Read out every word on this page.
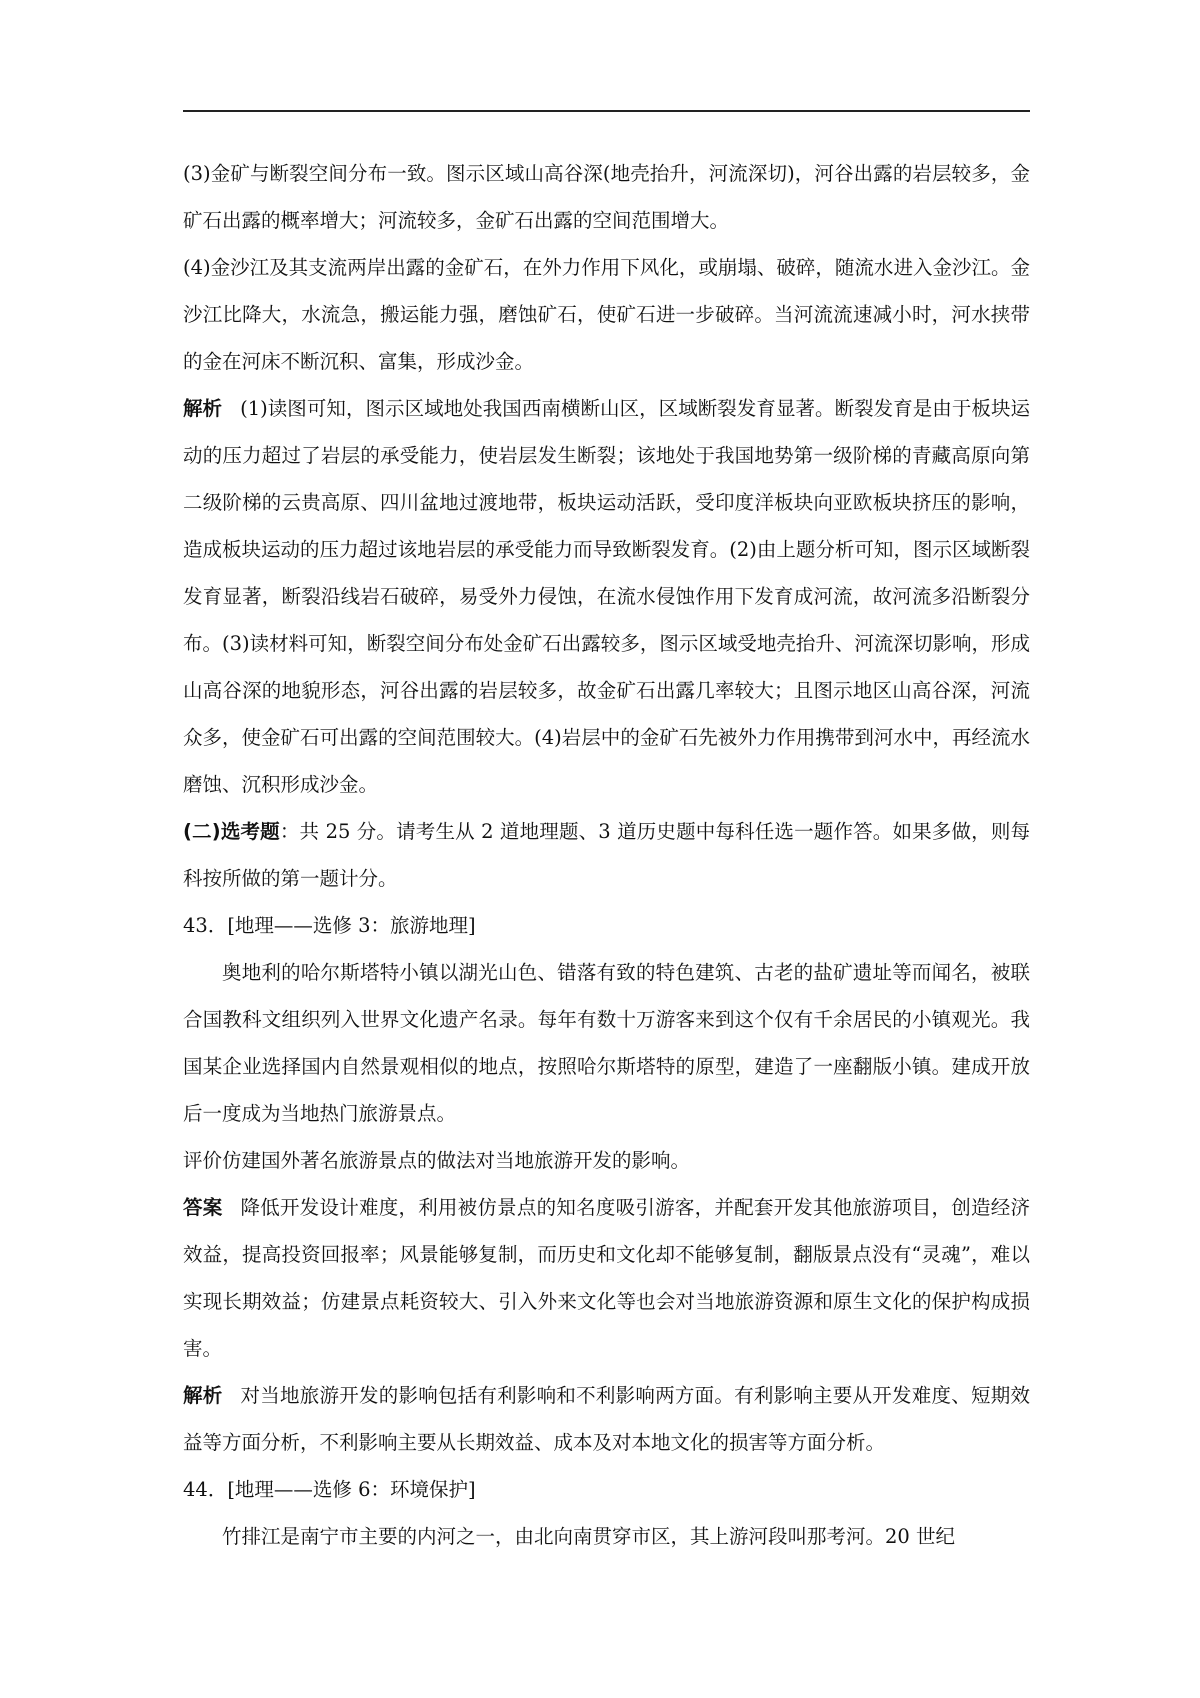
(3)金矿与断裂空间分布一致。图示区域山高谷深(地壳抬升，河流深切)，河谷出露的岩层较多，金矿石出露的概率增大；河流较多，金矿石出露的空间范围增大。

(4)金沙江及其支流两岸出露的金矿石，在外力作用下风化，或崩塌、破碎，随流水进入金沙江。金沙江比降大，水流急，搬运能力强，磨蚀矿石，使矿石进一步破碎。当河流流速减小时，河水挟带的金在河床不断沉积、富集，形成沙金。

解析 (1)读图可知，图示区域地处我国西南横断山区，区域断裂发育显著。断裂发育是由于板块运动的压力超过了岩层的承受能力，使岩层发生断裂；该地处于我国地势第一级阶梯的青藏高原向第二级阶梯的云贵高原、四川盆地过渡地带，板块运动活跃，受印度洋板块向亚欧板块挤压的影响，造成板块运动的压力超过该地岩层的承受能力而导致断裂发育。(2)由上题分析可知，图示区域断裂发育显著，断裂沿线岩石破碎，易受外力侵蚀，在流水侵蚀作用下发育成河流，故河流多沿断裂分布。(3)读材料可知，断裂空间分布处金矿石出露较多，图示区域受地壳抬升、河流深切影响，形成山高谷深的地貌形态，河谷出露的岩层较多，故金矿石出露几率较大；且图示地区山高谷深，河流众多，使金矿石可出露的空间范围较大。(4)岩层中的金矿石先被外力作用携带到河水中，再经流水磨蚀、沉积形成沙金。

(二)选考题：共 25 分。请考生从 2 道地理题、3 道历史题中每科任选一题作答。如果多做，则每科按所做的第一题计分。

43．[地理——选修 3：旅游地理]

奥地利的哈尔斯塔特小镇以湖光山色、错落有致的特色建筑、古老的盐矿遗址等而闻名，被联合国教科文组织列入世界文化遗产名录。每年有数十万游客来到这个仅有千余居民的小镇观光。我国某企业选择国内自然景观相似的地点，按照哈尔斯塔特的原型，建造了一座翻版小镇。建成开放后一度成为当地热门旅游景点。

评价仿建国外著名旅游景点的做法对当地旅游开发的影响。

答案 降低开发设计难度，利用被仿景点的知名度吸引游客，并配套开发其他旅游项目，创造经济效益，提高投资回报率；风景能够复制，而历史和文化却不能够复制，翻版景点没有“灵魂”，难以实现长期效益；仿建景点耗资较大、引入外来文化等也会对当地旅游资源和原生文化的保护构成损害。

解析 对当地旅游开发的影响包括有利影响和不利影响两方面。有利影响主要从开发难度、短期效益等方面分析，不利影响主要从长期效益、成本及对本地文化的损害等方面分析。

44．[地理——选修 6：环境保护]

竹排江是南宁市主要的内河之一，由北向南贯穿市区，其上游河段叫那考河。20 世纪
